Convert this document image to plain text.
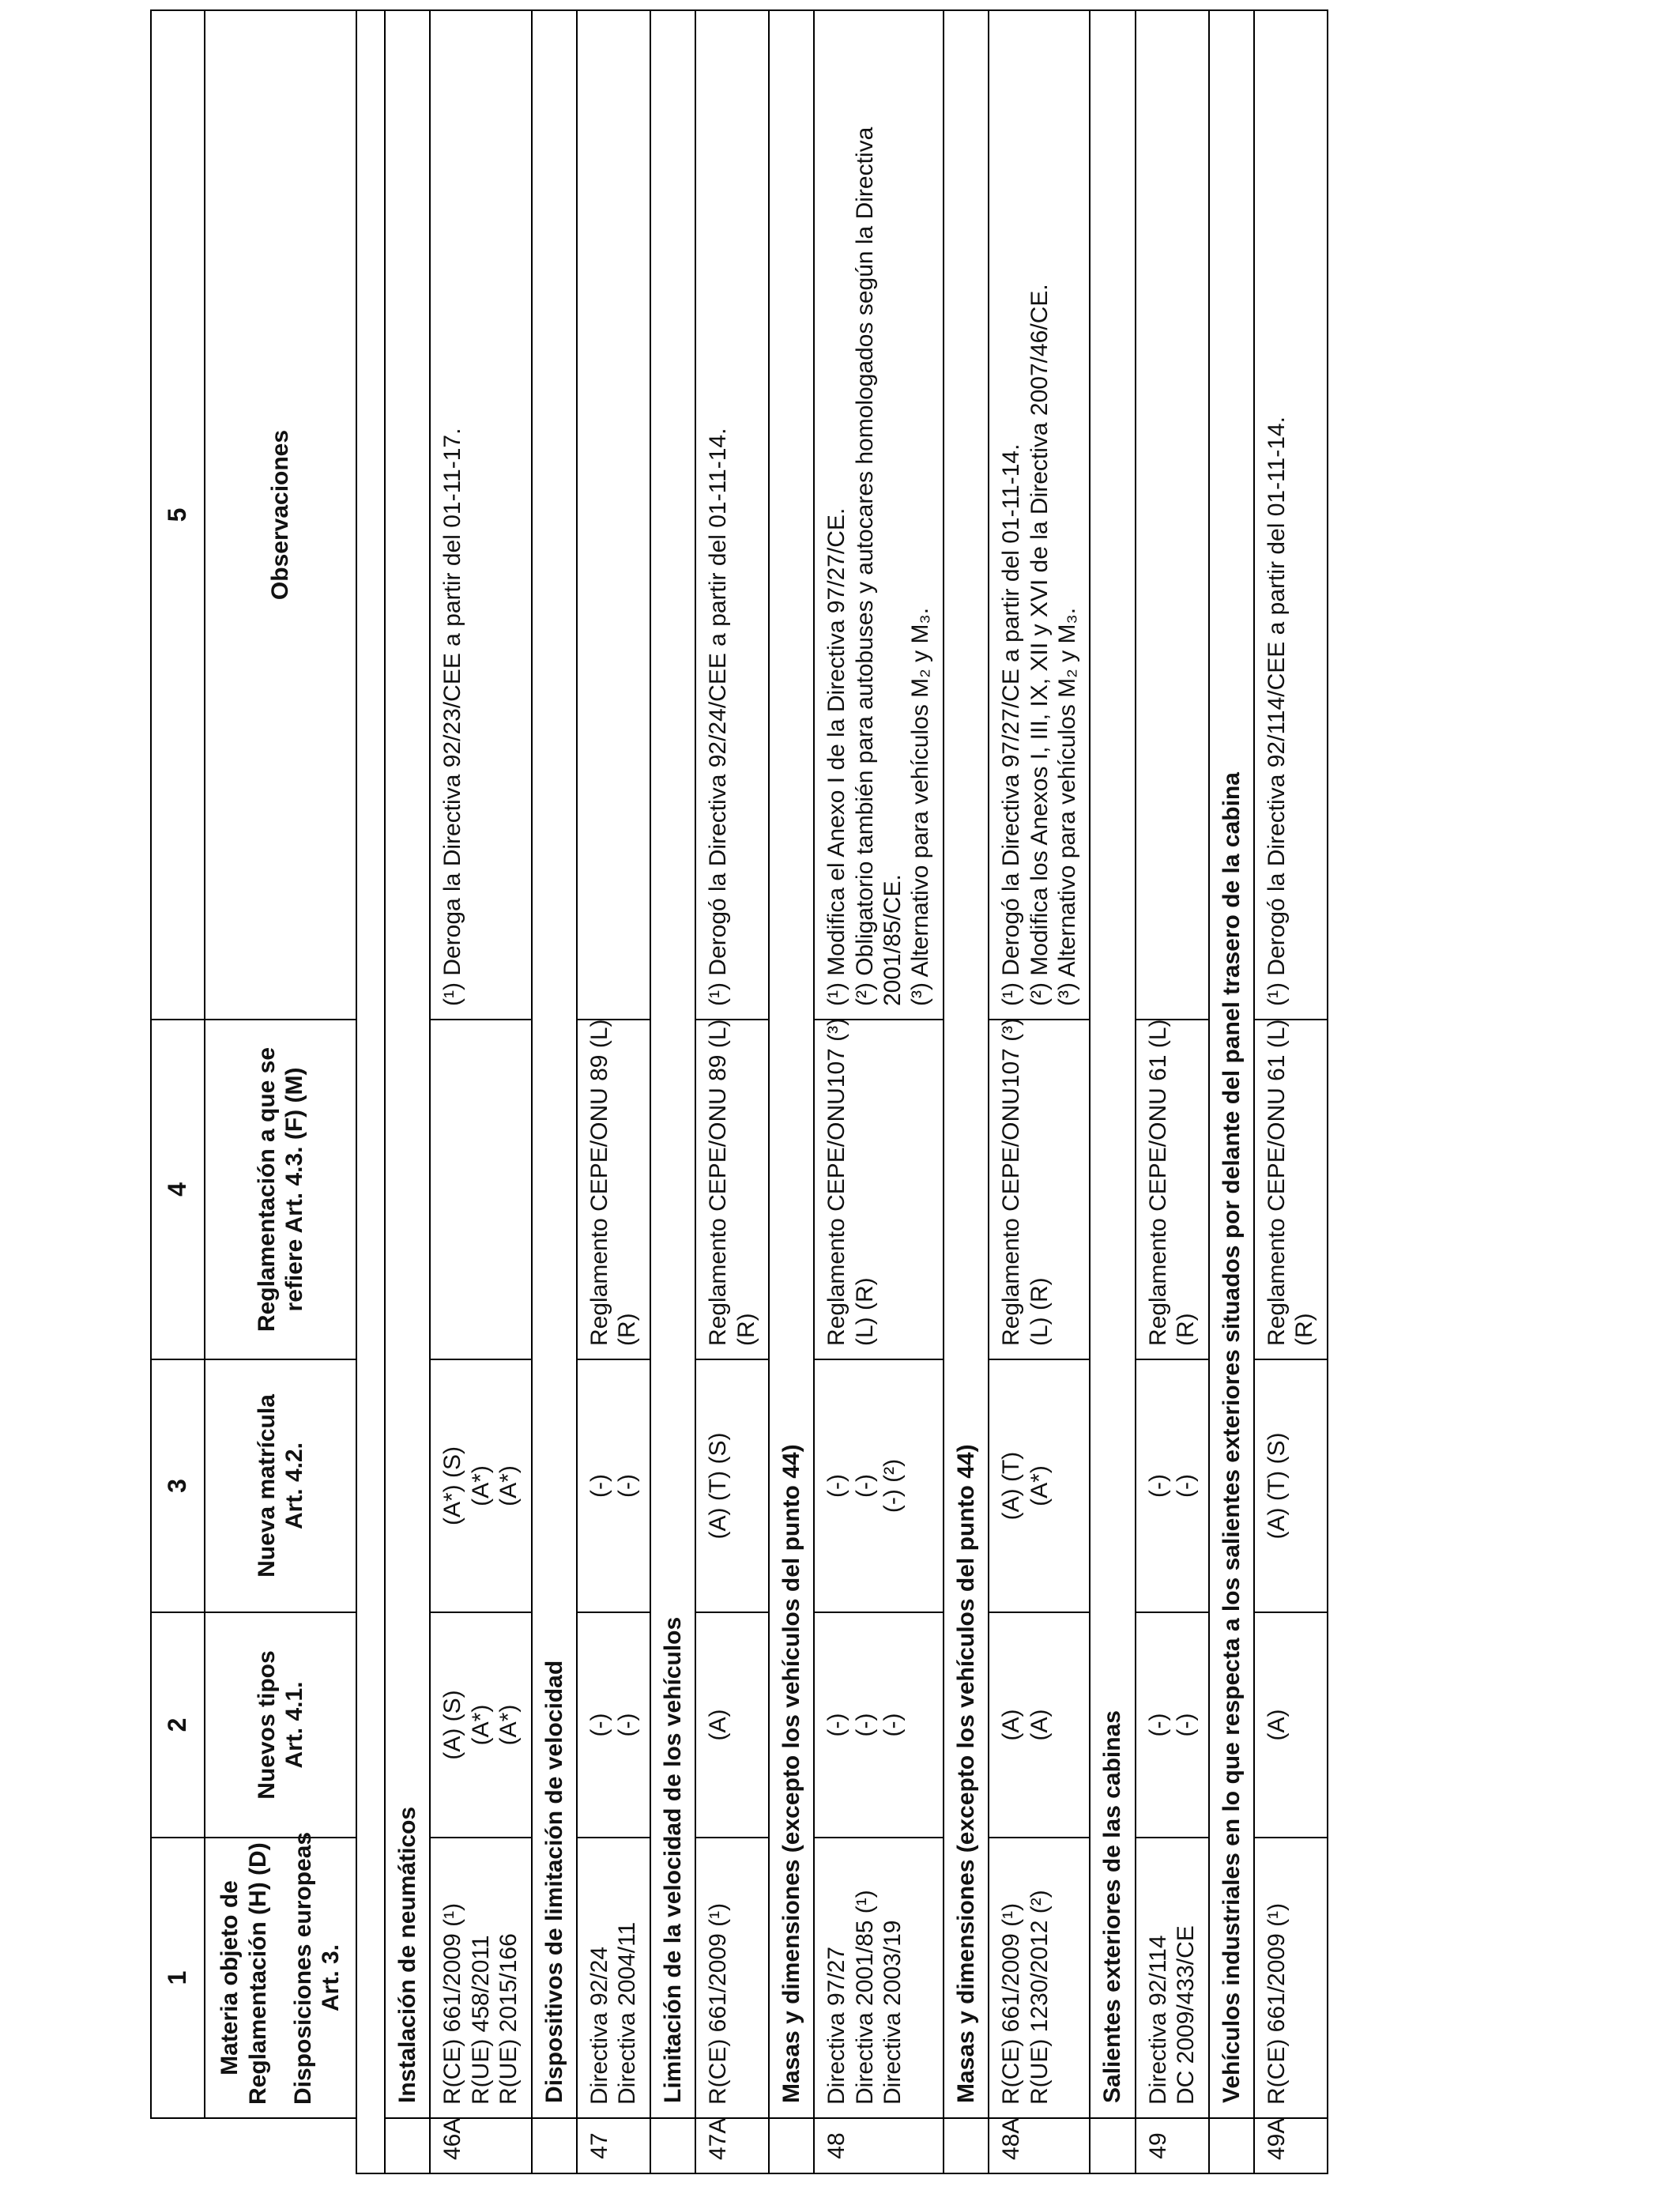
	1	2	3	4	5

	Materia objeto de Reglamentación (H) (D) Disposiciones europeas Art. 3.	Nuevos tipos Art. 4.1.	Nueva matrícula Art. 4.2.	Reglamentación a que se refiere Art. 4.3. (F) (M)	Observaciones

	Instalación de neumáticos				
46A	R(CE) 661/2009 (¹) R(UE) 458/2011 R(UE) 2015/166	(A) (S) (A*) (A*)	(A*) (S) (A*) (A*)		(¹) Deroga la Directiva 92/23/CEE a partir del 01-11-17.

	Dispositivos de limitación de velocidad				
47	Directiva 92/24 Directiva 2004/11	(-) (-)	(-) (-)	Reglamento CEPE/ONU 89 (L) (R)	

	Limitación de la velocidad de los vehículos				
47A	R(CE) 661/2009 (¹)	(A)	(A) (T) (S)	Reglamento CEPE/ONU 89 (L) (R)	(¹) Derogó la Directiva 92/24/CEE a partir del 01-11-14.

	Masas y dimensiones (excepto los vehículos del punto 44)				
48	Directiva 97/27 Directiva 2001/85 (¹) Directiva 2003/19	(-) (-) (-)	(-) (-) (-) (²)	Reglamento CEPE/ONU107 (³) (L) (R)	(¹) Modifica el Anexo I de la Directiva 97/27/CE. (²) Obligatorio también para autobuses y autocares homologados según la Directiva 2001/85/CE. (³) Alternativo para vehículos M₂ y M₃.

	Masas y dimensiones (excepto los vehículos del punto 44)				
48A	R(CE) 661/2009 (¹) R(UE) 1230/2012 (²)	(A) (A)	(A) (T) (A*)	Reglamento CEPE/ONU107 (³) (L) (R)	(¹) Derogó la Directiva 97/27/CE a partir del 01-11-14. (²) Modifica los Anexos I, III, IX, XII y XVI de la Directiva 2007/46/CE. (³) Alternativo para vehículos M₂ y M₃.

	Salientes exteriores de las cabinas				
49	Directiva 92/114 DC 2009/433/CE	(-) (-)	(-) (-)	Reglamento CEPE/ONU 61 (L) (R)	

	Vehículos industriales en lo que respecta a los salientes exteriores situados por delante del panel trasero de la cabina				
49A	R(CE) 661/2009 (¹)	(A)	(A) (T) (S)	Reglamento CEPE/ONU 61 (L) (R)	(¹) Derogó la Directiva 92/114/CEE a partir del 01-11-14.
